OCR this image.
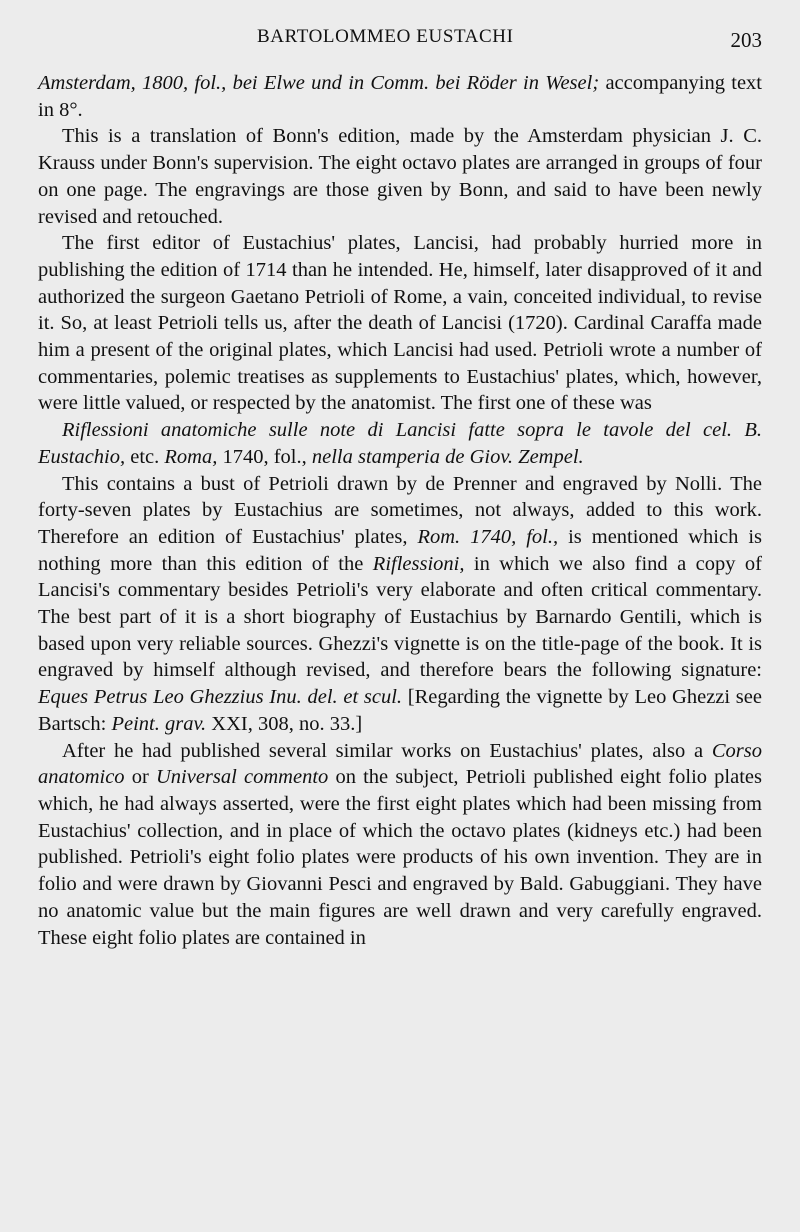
BARTOLOMMEO EUSTACHI	203

Amsterdam, 1800, fol., bei Elwe und in Comm. bei Röder in Wesel; accompanying text in 8°.

This is a translation of Bonn's edition, made by the Amsterdam physician J. C. Krauss under Bonn's supervision. The eight octavo plates are arranged in groups of four on one page. The engravings are those given by Bonn, and said to have been newly revised and retouched.

The first editor of Eustachius' plates, Lancisi, had probably hurried more in publishing the edition of 1714 than he intended. He, himself, later disapproved of it and authorized the surgeon Gaetano Petrioli of Rome, a vain, conceited individual, to revise it. So, at least Petrioli tells us, after the death of Lancisi (1720). Cardinal Caraffa made him a present of the original plates, which Lancisi had used. Petrioli wrote a number of commentaries, polemic treatises as supplements to Eustachius' plates, which, however, were little valued, or respected by the anatomist. The first one of these was

Riflessioni anatomiche sulle note di Lancisi fatte sopra le tavole del cel. B. Eustachio, etc. Roma, 1740, fol., nella stamperia de Giov. Zempel.

This contains a bust of Petrioli drawn by de Prenner and engraved by Nolli. The forty-seven plates by Eustachius are sometimes, not always, added to this work. Therefore an edition of Eustachius' plates, Rom. 1740, fol., is mentioned which is nothing more than this edition of the Riflessioni, in which we also find a copy of Lancisi's commentary besides Petrioli's very elaborate and often critical commentary. The best part of it is a short biography of Eustachius by Barnardo Gentili, which is based upon very reliable sources. Ghezzi's vignette is on the title-page of the book. It is engraved by himself although revised, and therefore bears the following signature: Eques Petrus Leo Ghezzius Inu. del. et scul. [Regarding the vignette by Leo Ghezzi see Bartsch: Peint. grav. XXI, 308, no. 33.]

After he had published several similar works on Eustachius' plates, also a Corso anatomico or Universal commento on the subject, Petrioli published eight folio plates which, he had always asserted, were the first eight plates which had been missing from Eustachius' collection, and in place of which the octavo plates (kidneys etc.) had been published. Petrioli's eight folio plates were products of his own invention. They are in folio and were drawn by Giovanni Pesci and engraved by Bald. Gabuggiani. They have no anatomic value but the main figures are well drawn and very carefully engraved. These eight folio plates are contained in
